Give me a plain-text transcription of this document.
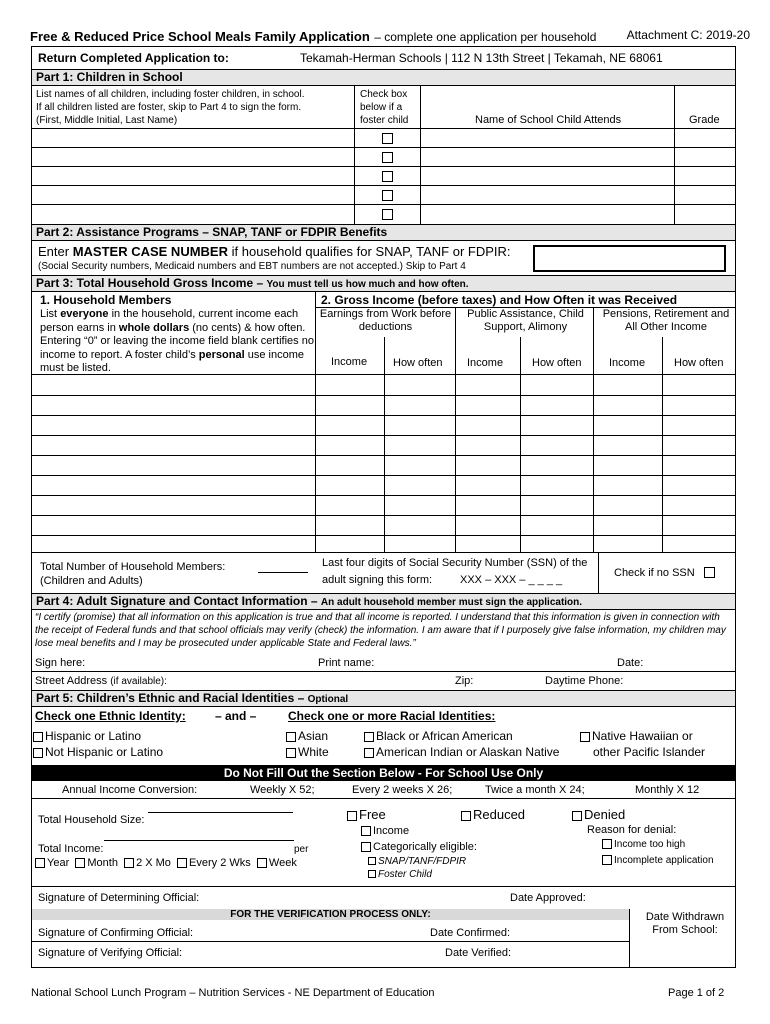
Free & Reduced Price School Meals Family Application – complete one application per household	Attachment C: 2019-20
Return Completed Application to:	Tekamah-Herman Schools | 112 N 13th Street | Tekamah, NE 68061
Part 1: Children in School
List names of all children, including foster children, in school.
If all children listed are foster, skip to Part 4 to sign the form.
(First, Middle Initial, Last Name)
Check box
below if a
foster child	Name of School Child Attends	Grade
Part 2: Assistance Programs – SNAP, TANF or FDPIR Benefits
Enter MASTER CASE NUMBER if household qualifies for SNAP, TANF or FDPIR:
(Social Security numbers, Medicaid numbers and EBT numbers are not accepted.) Skip to Part 4
Part 3: Total Household Gross Income – You must tell us how much and how often.
1. Household Members
List everyone in the household, current income each person earns in whole dollars (no cents) & how often. Entering “0” or leaving the income field blank certifies no income to report. A foster child’s personal use income must be listed.
2. Gross Income (before taxes) and How Often it was Received
Earnings from Work before deductions
Public Assistance, Child Support, Alimony
Pensions, Retirement and All Other Income
Income How often Income	How often Income	How often
Total Number of Household Members:
(Children and Adults)
Last four digits of Social Security Number (SSN) of the
adult signing this form:	XXX – XXX – _ _ _ _
Check if no SSN
Part 4: Adult Signature and Contact Information – An adult household member must sign the application.
“I certify (promise) that all information on this application is true and that all income is reported. I understand that this information is given in connection with the receipt of Federal funds and that school officials may verify (check) the information. I am aware that if I purposely give false information, my children may lose meal benefits and I may be prosecuted under applicable State and Federal laws.”
Sign here:	Print name:	Date:
Street Address (if available):	Zip:	Daytime Phone:
Part 5: Children’s Ethnic and Racial Identities – Optional
Check one Ethnic Identity: – and –	Check one or more Racial Identities:
Hispanic or Latino
Not Hispanic or Latino
Asian
White
Black or African American
American Indian or Alaskan Native
Native Hawaiian or
other Pacific Islander
Do Not Fill Out the Section Below - For School Use Only
Annual Income Conversion:	Weekly X 52;	Every 2 weeks X 26;	Twice a month X 24;	Monthly X 12
Total Household Size:
Total Income:	per
Year Month 2 X Mo Every 2 Wks Week
Free	Reduced	Denied
Income
Categorically eligible:
SNAP/TANF/FDPIR
Foster Child
Reason for denial:
Income too high
Incomplete application
Signature of Determining Official:	Date Approved:
FOR THE VERIFICATION PROCESS ONLY:	Date Withdrawn From School:
Signature of Confirming Official:	Date Confirmed:
Signature of Verifying Official:	Date Verified:
National School Lunch Program – Nutrition Services - NE Department of Education	Page 1 of 2
